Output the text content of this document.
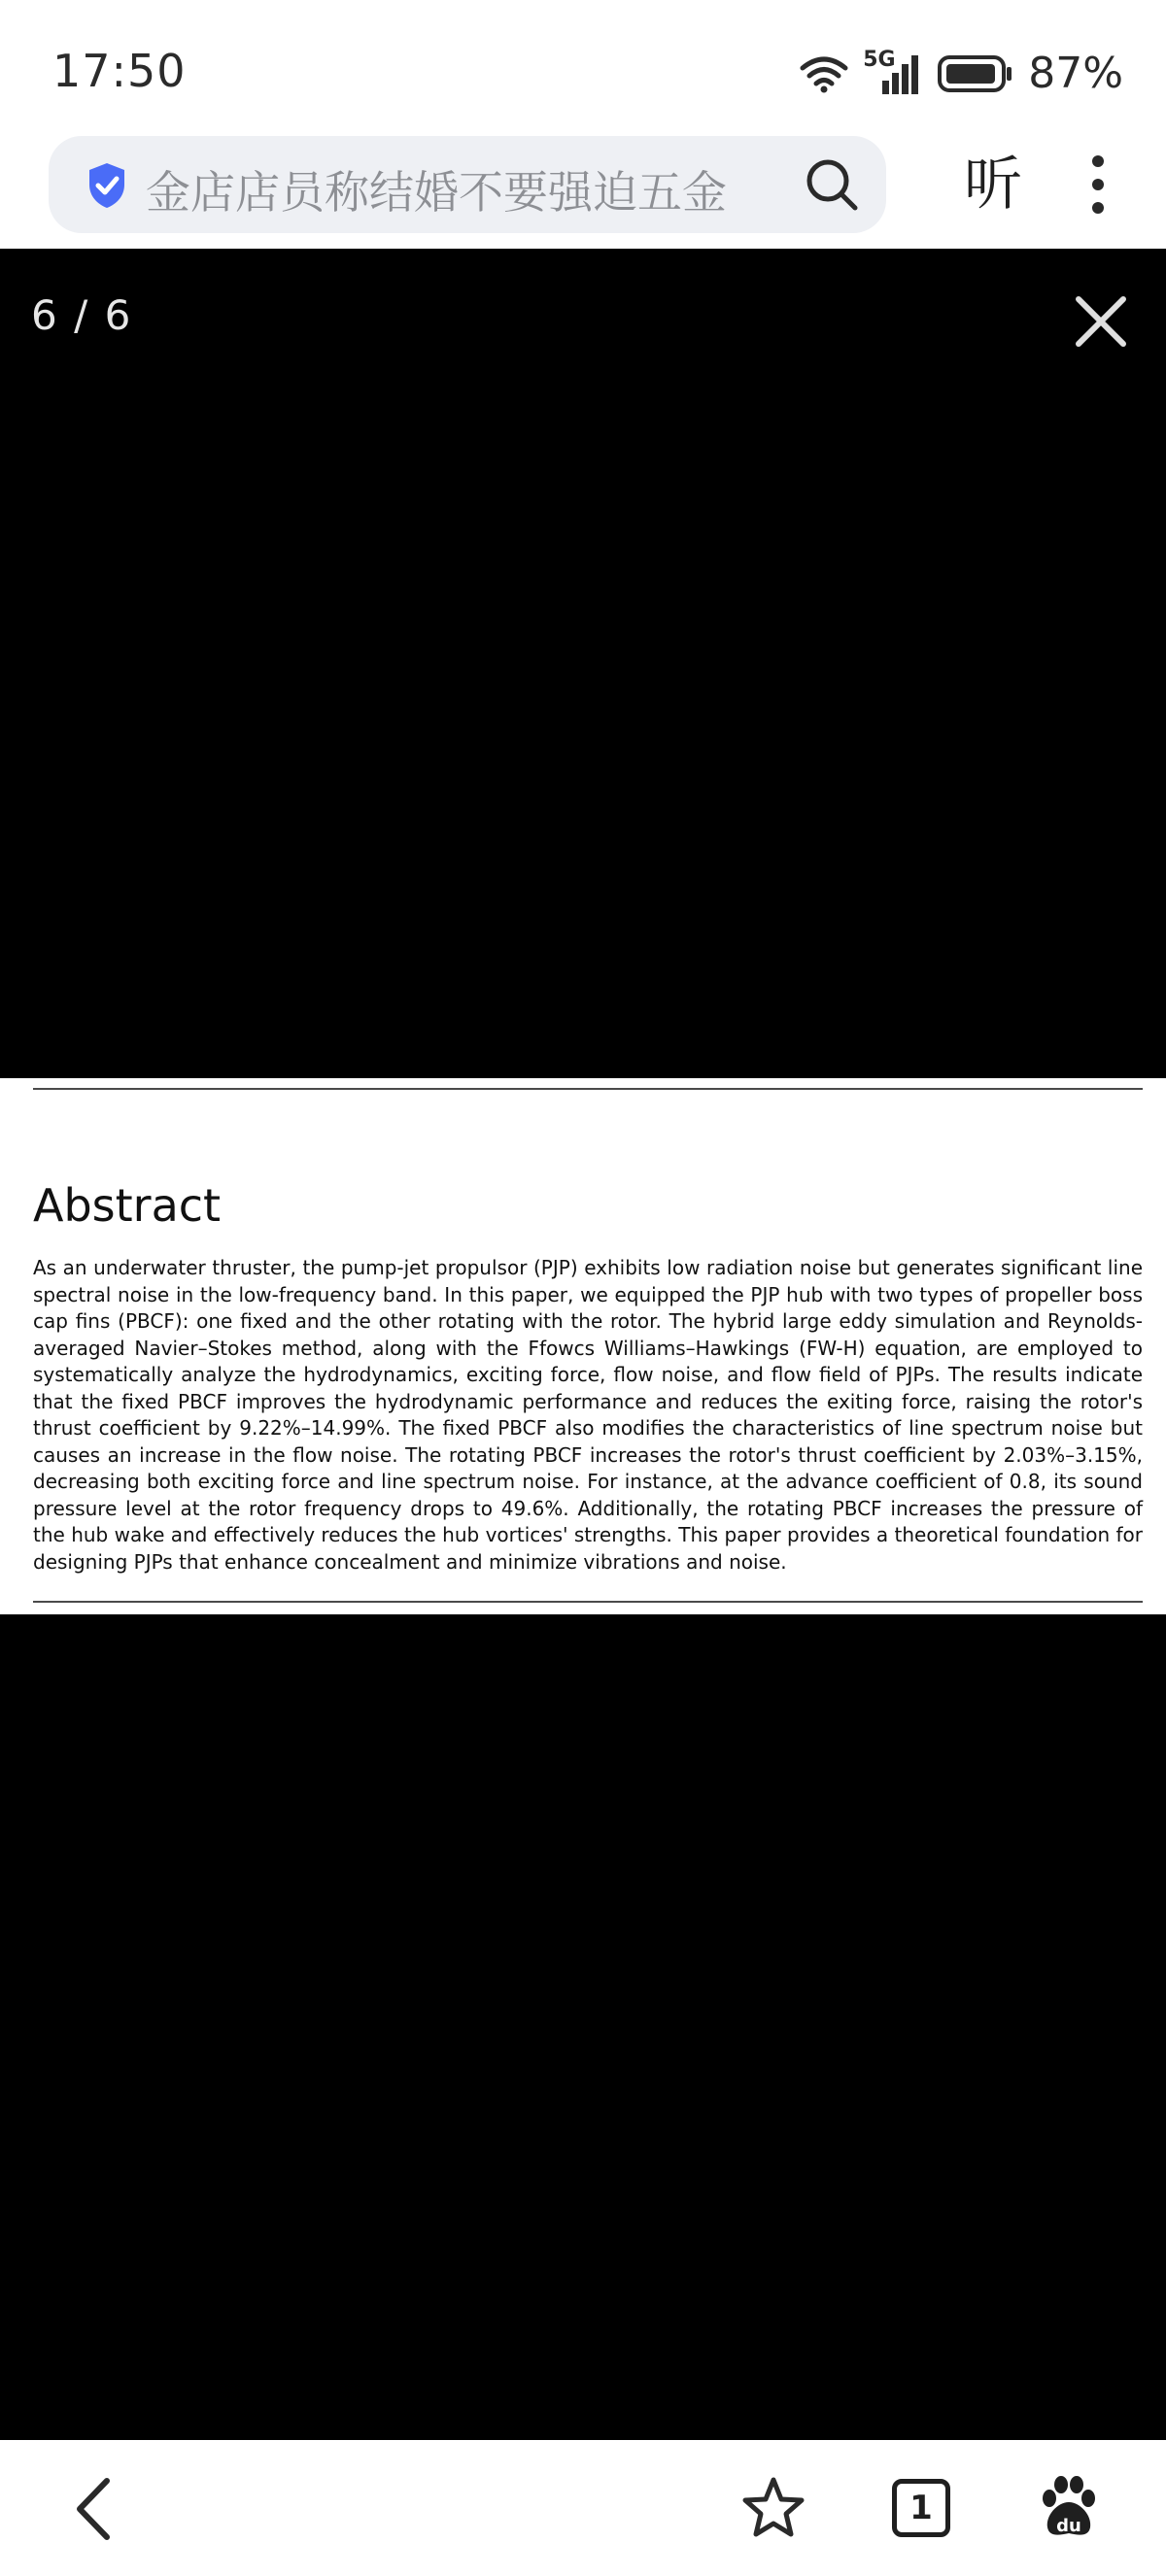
17:50	5G	87%
金店店员称结婚不要强迫五金	听
6 / 6
Abstract

As an underwater thruster, the pump-jet propulsor (PJP) exhibits low radiation noise but generates significant line spectral noise in the low-frequency band. In this paper, we equipped the PJP hub with two types of propeller boss cap fins (PBCF): one fixed and the other rotating with the rotor. The hybrid large eddy simulation and Reynolds-averaged Navier–Stokes method, along with the Ffowcs Williams–Hawkings (FW-H) equation, are employed to systematically analyze the hydrodynamics, exciting force, flow noise, and flow field of PJPs. The results indicate that the fixed PBCF improves the hydrodynamic performance and reduces the exiting force, raising the rotor's thrust coefficient by 9.22%–14.99%. The fixed PBCF also modifies the characteristics of line spectrum noise but causes an increase in the flow noise. The rotating PBCF increases the rotor's thrust coefficient by 2.03%–3.15%, decreasing both exciting force and line spectrum noise. For instance, at the advance coefficient of 0.8, its sound pressure level at the rotor frequency drops to 49.6%. Additionally, the rotating PBCF increases the pressure of the hub wake and effectively reduces the hub vortices' strengths. This paper provides a theoretical foundation for designing PJPs that enhance concealment and minimize vibrations and noise.

1	du
